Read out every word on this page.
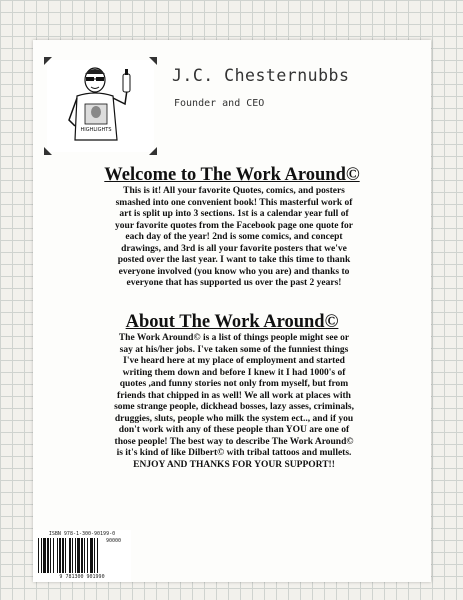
HIGHLIGHTS
J.C. Chesternubbs
Founder and CEO
Welcome to The Work Around©
This is it! All your favorite Quotes, comics, and posters
smashed into one convenient book! This masterful work of
art is split up into 3 sections. 1st is a calendar year full of
your favorite quotes from the Facebook page one quote for
each day of the year! 2nd is some comics, and concept
drawings, and 3rd is all your favorite posters that we've
posted over the last year. I want to take this time to thank
everyone involved (you know who you are) and thanks to
everyone that has supported us over the past 2 years!
About The Work Around©
The Work Around© is a list of things people might see or
say at his/her jobs. I've taken some of the funniest things
I've heard here at my place of employment and started
writing them down and before I knew it I had 1000's of
quotes ,and funny stories not only from myself, but from
friends that chipped in as well! We all work at places with
some strange people, dickhead bosses, lazy asses, criminals,
druggies, sluts, people who milk the system ect.., and if you
don't work with any of these people than YOU are one of
those people! The best way to describe The Work Around©
is it's kind of like Dilbert© with tribal tattoos and mullets.
ENJOY AND THANKS FOR YOUR SUPPORT!!
ISBN 978-1-300-90199-0
90000
9 781300 901990
